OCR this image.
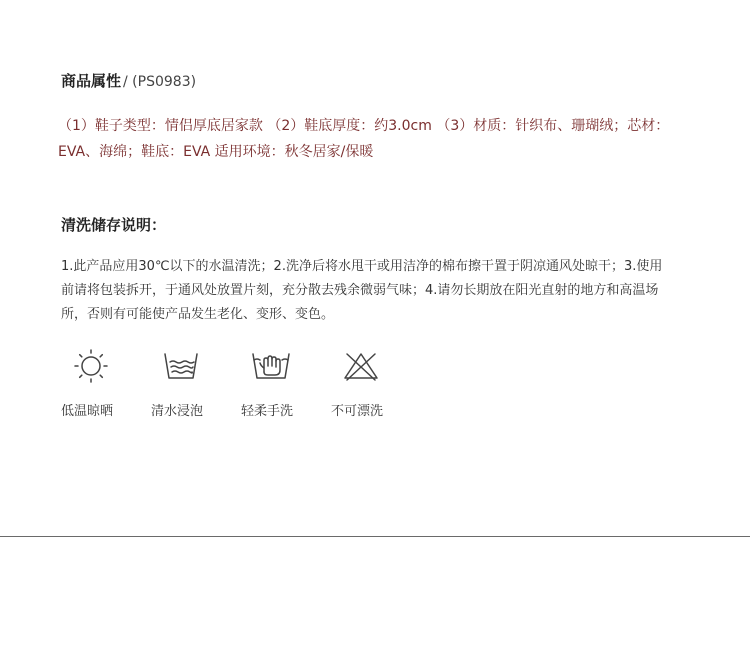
商品属性 / (PS0983)

（1）鞋子类型：情侣厚底居家款 （2）鞋底厚度：约3.0cm （3）材质：针织布、珊瑚绒；芯材：

EVA、海绵；鞋底：EVA 适用环境：秋冬居家/保暖

清洗储存说明：

1.此产品应用30℃以下的水温清洗；2.洗净后将水甩干或用洁净的棉布擦干置于阴凉通风处晾干；3.使用

前请将包装拆开，于通风处放置片刻，充分散去残余微弱气味；4.请勿长期放在阳光直射的地方和高温场

所，否则有可能使产品发生老化、变形、变色。

低温晾晒	清水浸泡	轻柔手洗	不可漂洗
